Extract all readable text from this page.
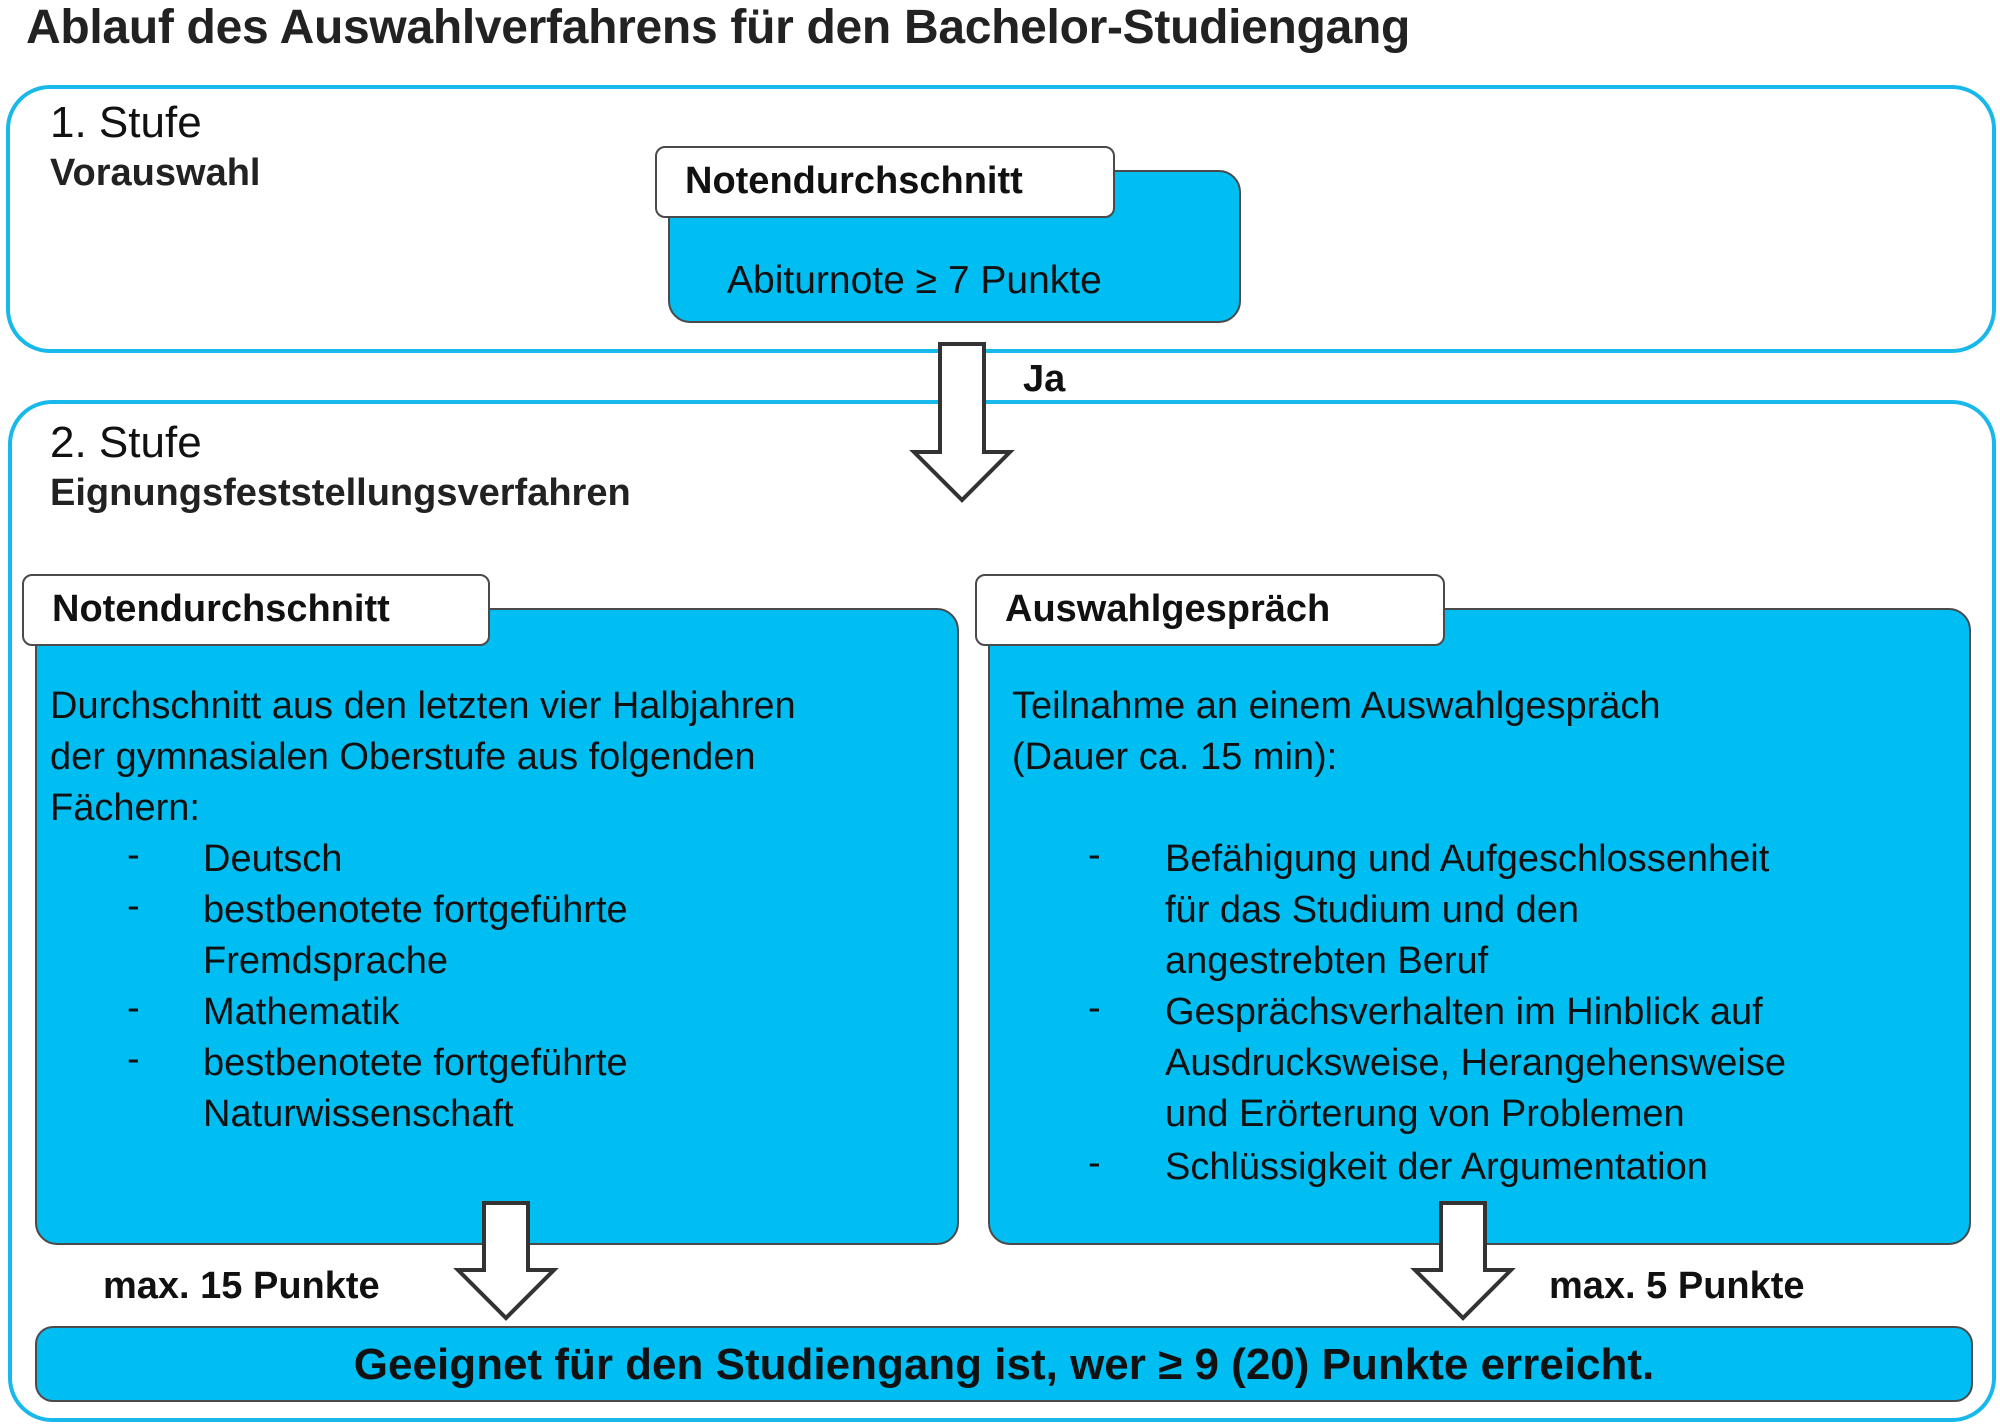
Ablauf des Auswahlverfahrens für den Bachelor-Studiengang
1. Stufe
Vorauswahl
Abiturnote ≥ 7 Punkte
Notendurchschnitt
2. Stufe
Eignungsfeststellungsverfahren
Ja
Notendurchschnitt
Durchschnitt aus den letzten vier Halbjahren
der gymnasialen Oberstufe aus folgenden
Fächern:
- Deutsch
- bestbenotete fortgeführte
Fremdsprache
- Mathematik
- bestbenotete fortgeführte
Naturwissenschaft
Auswahlgespräch
Teilnahme an einem Auswahlgespräch
(Dauer ca. 15 min):
- Befähigung und Aufgeschlossenheit
für das Studium und den
angestrebten Beruf
- Gesprächsverhalten im Hinblick auf
Ausdrucksweise, Herangehensweise
und Erörterung von Problemen
- Schlüssigkeit der Argumentation
max. 15 Punkte	max. 5 Punkte
Geeignet für den Studiengang ist, wer ≥ 9 (20) Punkte erreicht.
